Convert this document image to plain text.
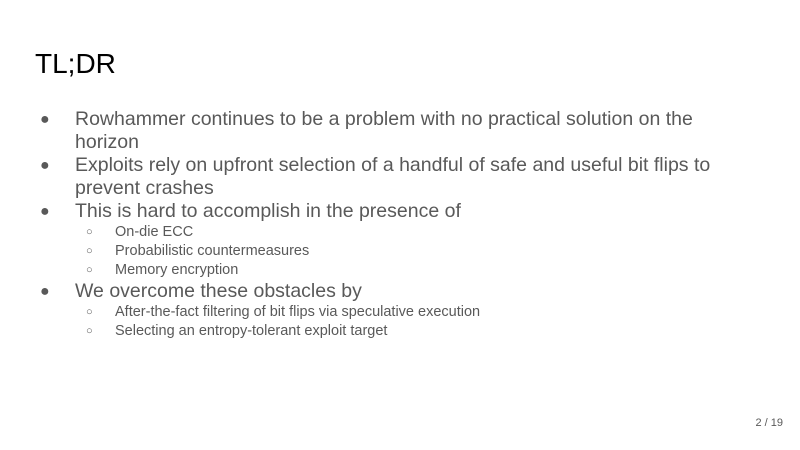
TL;DR
● Rowhammer continues to be a problem with no practical solution on the horizon
● Exploits rely on upfront selection of a handful of safe and useful bit flips to prevent crashes
● This is hard to accomplish in the presence of
○ On-die ECC
○ Probabilistic countermeasures
○ Memory encryption
● We overcome these obstacles by
○ After-the-fact filtering of bit flips via speculative execution
○ Selecting an entropy-tolerant exploit target
2 / 19
